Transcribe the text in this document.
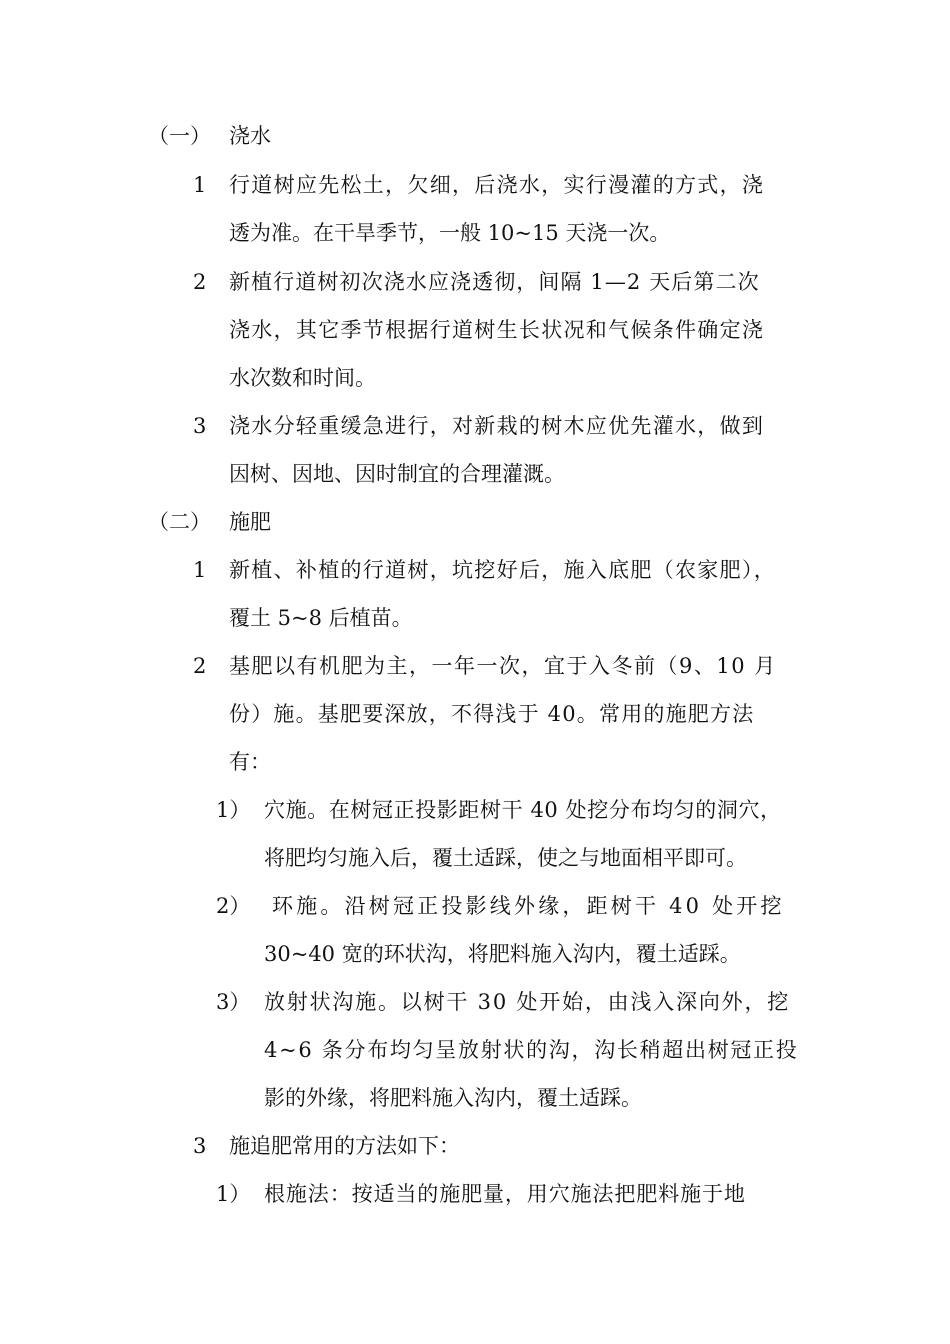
（一） 浇水
1 行道树应先松土，欠细，后浇水，实行漫灌的方式，浇
透为准。在干旱季节，一般 10~15 天浇一次。
2 新植行道树初次浇水应浇透彻，间隔 1—2 天后第二次
浇水，其它季节根据行道树生长状况和气候条件确定浇
水次数和时间。
3 浇水分轻重缓急进行，对新栽的树木应优先灌水，做到
因树、因地、因时制宜的合理灌溉。
（二） 施肥
1 新植、补植的行道树，坑挖好后，施入底肥（农家肥），
覆土 5~8 后植苗。
2 基肥以有机肥为主，一年一次，宜于入冬前（9、10 月
份）施。基肥要深放，不得浅于 40。常用的施肥方法
有：
1） 穴施。在树冠正投影距树干 40 处挖分布均匀的洞穴，
将肥均匀施入后，覆土适踩，使之与地面相平即可。
2） 环施。沿树冠正投影线外缘，距树干 40 处开挖
30~40 宽的环状沟，将肥料施入沟内，覆土适踩。
3） 放射状沟施。以树干 30 处开始，由浅入深向外，挖
4~6 条分布均匀呈放射状的沟，沟长稍超出树冠正投
影的外缘，将肥料施入沟内，覆土适踩。
3 施追肥常用的方法如下：
1） 根施法：按适当的施肥量，用穴施法把肥料施于地
